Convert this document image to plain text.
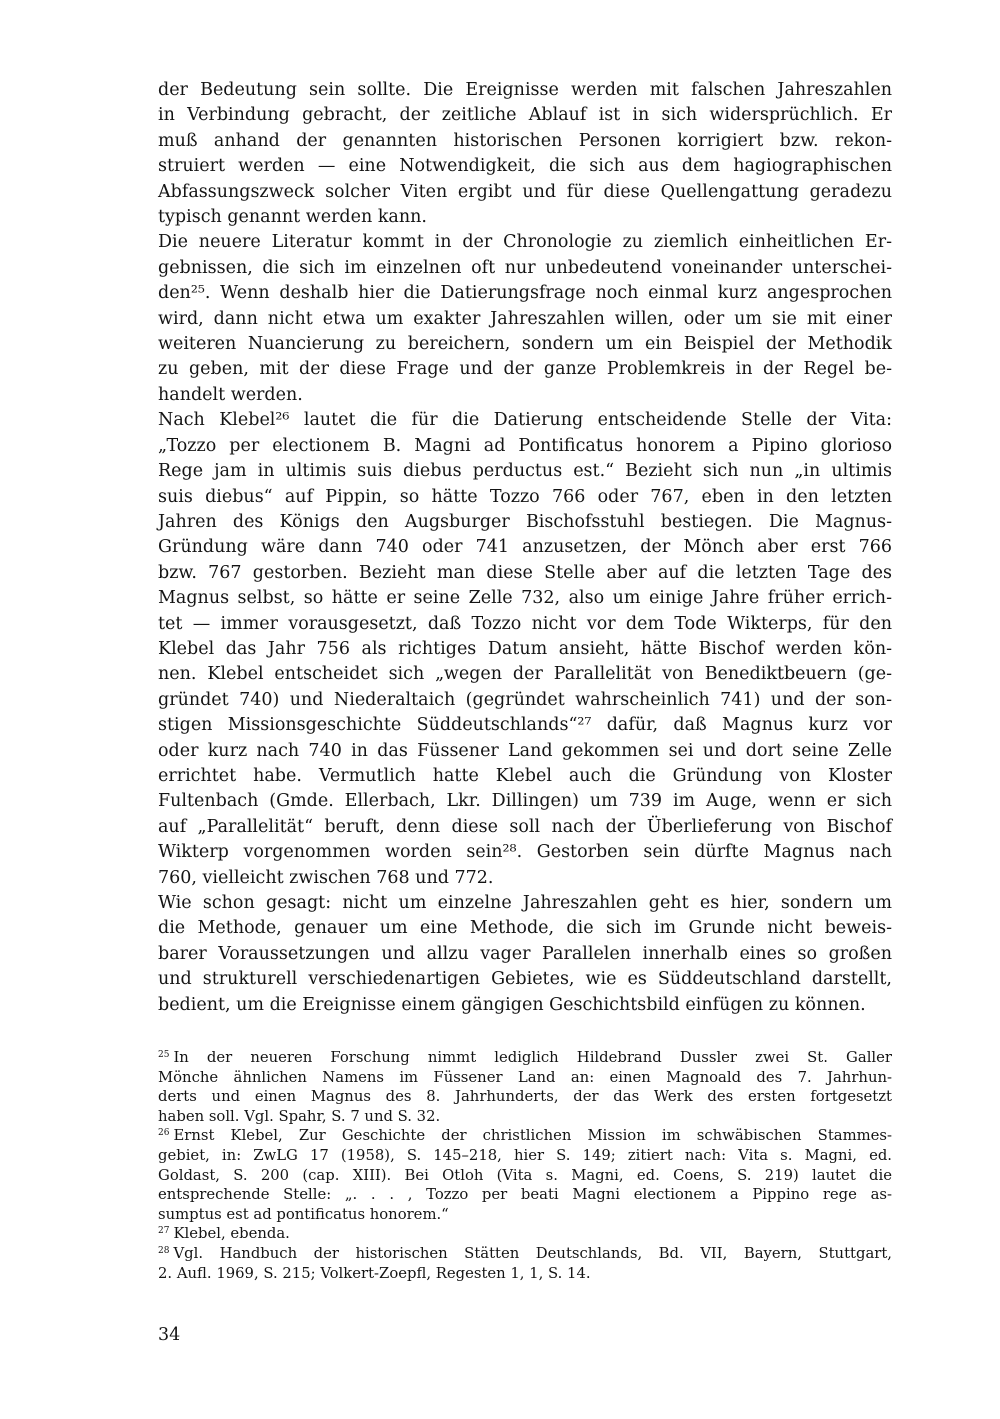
der Bedeutung sein sollte. Die Ereignisse werden mit falschen Jahreszahlen
in Verbindung gebracht, der zeitliche Ablauf ist in sich widersprüchlich. Er
muß anhand der genannten historischen Personen korrigiert bzw. rekon-
struiert werden — eine Notwendigkeit, die sich aus dem hagiographischen
Abfassungszweck solcher Viten ergibt und für diese Quellengattung geradezu
typisch genannt werden kann.

Die neuere Literatur kommt in der Chronologie zu ziemlich einheitlichen Er-
gebnissen, die sich im einzelnen oft nur unbedeutend voneinander unterschei-
den²⁵. Wenn deshalb hier die Datierungsfrage noch einmal kurz angesprochen
wird, dann nicht etwa um exakter Jahreszahlen willen, oder um sie mit einer
weiteren Nuancierung zu bereichern, sondern um ein Beispiel der Methodik
zu geben, mit der diese Frage und der ganze Problemkreis in der Regel be-
handelt werden.

Nach Klebel²⁶ lautet die für die Datierung entscheidende Stelle der Vita:
„Tozzo per electionem B. Magni ad Pontificatus honorem a Pipino glorioso
Rege jam in ultimis suis diebus perductus est.“ Bezieht sich nun „in ultimis
suis diebus“ auf Pippin, so hätte Tozzo 766 oder 767, eben in den letzten
Jahren des Königs den Augsburger Bischofsstuhl bestiegen. Die Magnus-
Gründung wäre dann 740 oder 741 anzusetzen, der Mönch aber erst 766
bzw. 767 gestorben. Bezieht man diese Stelle aber auf die letzten Tage des
Magnus selbst, so hätte er seine Zelle 732, also um einige Jahre früher errich-
tet — immer vorausgesetzt, daß Tozzo nicht vor dem Tode Wikterps, für den
Klebel das Jahr 756 als richtiges Datum ansieht, hätte Bischof werden kön-
nen. Klebel entscheidet sich „wegen der Parallelität von Benediktbeuern (ge-
gründet 740) und Niederaltaich (gegründet wahrscheinlich 741) und der son-
stigen Missionsgeschichte Süddeutschlands“²⁷ dafür, daß Magnus kurz vor
oder kurz nach 740 in das Füssener Land gekommen sei und dort seine Zelle
errichtet habe. Vermutlich hatte Klebel auch die Gründung von Kloster
Fultenbach (Gmde. Ellerbach, Lkr. Dillingen) um 739 im Auge, wenn er sich
auf „Parallelität“ beruft, denn diese soll nach der Überlieferung von Bischof
Wikterp vorgenommen worden sein²⁸. Gestorben sein dürfte Magnus nach
760, vielleicht zwischen 768 und 772.

Wie schon gesagt: nicht um einzelne Jahreszahlen geht es hier, sondern um
die Methode, genauer um eine Methode, die sich im Grunde nicht beweis-
barer Voraussetzungen und allzu vager Parallelen innerhalb eines so großen
und strukturell verschiedenartigen Gebietes, wie es Süddeutschland darstellt,
bedient, um die Ereignisse einem gängigen Geschichtsbild einfügen zu können.

$^{25}$ In der neueren Forschung nimmt lediglich Hildebrand Dussler zwei St. Galler
Mönche ähnlichen Namens im Füssener Land an: einen Magnoald des 7. Jahrhun-
derts und einen Magnus des 8. Jahrhunderts, der das Werk des ersten fortgesetzt
haben soll. Vgl. Spahr, S. 7 und S. 32.
$^{26}$ Ernst Klebel, Zur Geschichte der christlichen Mission im schwäbischen Stammes-
gebiet, in: ZwLG 17 (1958), S. 145–218, hier S. 149; zitiert nach: Vita s. Magni, ed.
Goldast, S. 200 (cap. XIII). Bei Otloh (Vita s. Magni, ed. Coens, S. 219) lautet die
entsprechende Stelle: „. . . , Tozzo per beati Magni electionem a Pippino rege as-
sumptus est ad pontificatus honorem.“
$^{27}$ Klebel, ebenda.
$^{28}$ Vgl. Handbuch der historischen Stätten Deutschlands, Bd. VII, Bayern, Stuttgart,
2. Aufl. 1969, S. 215; Volkert-Zoepfl, Regesten 1, 1, S. 14.
34
